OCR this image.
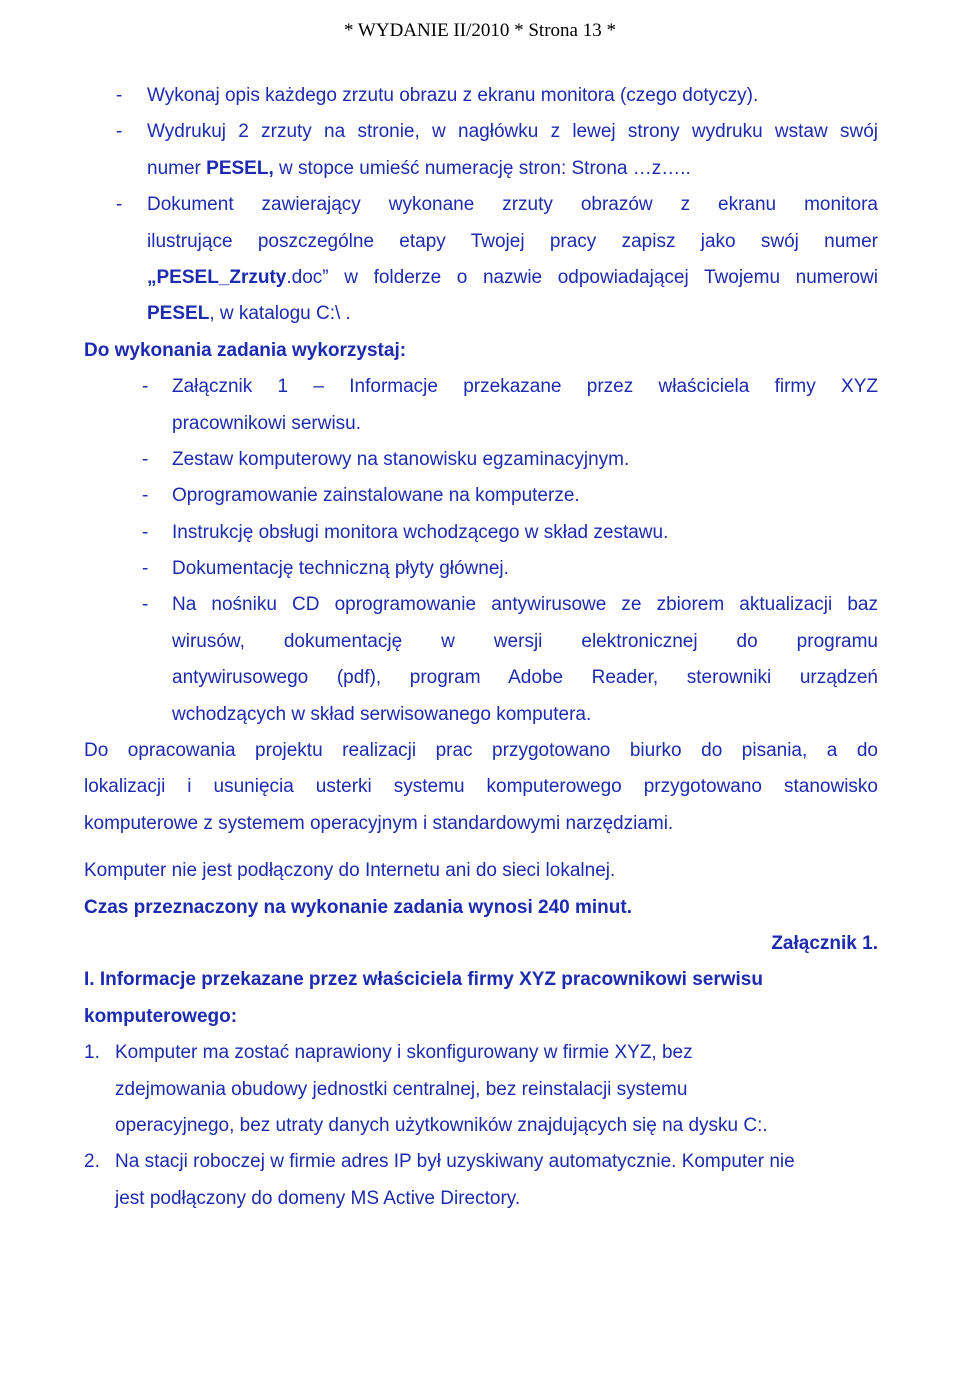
* WYDANIE II/2010 * Strona 13 *
- Wykonaj opis każdego zrzutu obrazu z ekranu monitora (czego dotyczy).
- Wydrukuj 2 zrzuty na stronie, w nagłówku z lewej strony wydruku wstaw swój
numer PESEL, w stopce umieść numerację stron: Strona …z…..
- Dokument zawierający wykonane zrzuty obrazów z ekranu monitora
ilustrujące poszczególne etapy Twojej pracy zapisz jako swój numer
„PESEL_Zrzuty.doc” w folderze o nazwie odpowiadającej Twojemu numerowi
PESEL, w katalogu C:\ .
Do wykonania zadania wykorzystaj:
- Załącznik 1 – Informacje przekazane przez właściciela firmy XYZ
pracownikowi serwisu.
- Zestaw komputerowy na stanowisku egzaminacyjnym.
- Oprogramowanie zainstalowane na komputerze.
- Instrukcję obsługi monitora wchodzącego w skład zestawu.
- Dokumentację techniczną płyty głównej.
- Na nośniku CD oprogramowanie antywirusowe ze zbiorem aktualizacji baz
wirusów, dokumentację w wersji elektronicznej do programu
antywirusowego (pdf), program Adobe Reader, sterowniki urządzeń
wchodzących w skład serwisowanego komputera.
Do opracowania projektu realizacji prac przygotowano biurko do pisania, a do
lokalizacji i usunięcia usterki systemu komputerowego przygotowano stanowisko
komputerowe z systemem operacyjnym i standardowymi narzędziami.
Komputer nie jest podłączony do Internetu ani do sieci lokalnej.
Czas przeznaczony na wykonanie zadania wynosi 240 minut.
Załącznik 1.
I. Informacje przekazane przez właściciela firmy XYZ pracownikowi serwisu
komputerowego:
1. Komputer ma zostać naprawiony i skonfigurowany w firmie XYZ, bez
zdejmowania obudowy jednostki centralnej, bez reinstalacji systemu
operacyjnego, bez utraty danych użytkowników znajdujących się na dysku C:.
2. Na stacji roboczej w firmie adres IP był uzyskiwany automatycznie. Komputer nie
jest podłączony do domeny MS Active Directory.
